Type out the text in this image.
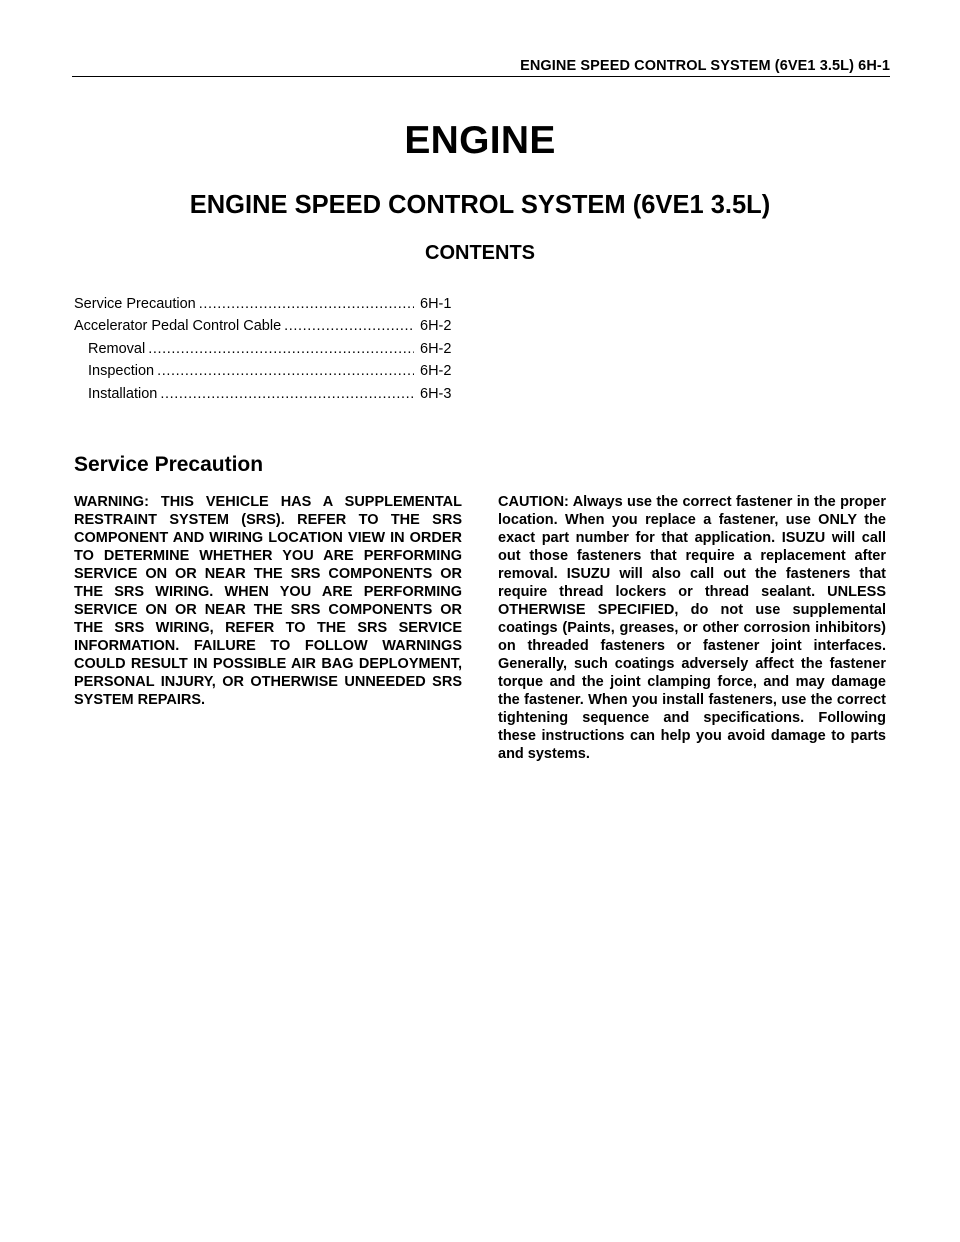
ENGINE SPEED CONTROL SYSTEM (6VE1 3.5L) 6H-1
ENGINE
ENGINE SPEED CONTROL SYSTEM (6VE1 3.5L)
CONTENTS
Service Precaution .....	6H-1
Accelerator Pedal Control Cable .....	6H-2
Removal .....	6H-2
Inspection .....	6H-2
Installation .....	6H-3
Service Precaution
WARNING: THIS VEHICLE HAS A SUPPLEMENTAL RESTRAINT SYSTEM (SRS). REFER TO THE SRS COMPONENT AND WIRING LOCATION VIEW IN ORDER TO DETERMINE WHETHER YOU ARE PERFORMING SERVICE ON OR NEAR THE SRS COMPONENTS OR THE SRS WIRING. WHEN YOU ARE PERFORMING SERVICE ON OR NEAR THE SRS COMPONENTS OR THE SRS WIRING, REFER TO THE SRS SERVICE INFORMATION. FAILURE TO FOLLOW WARNINGS COULD RESULT IN POSSIBLE AIR BAG DEPLOYMENT, PERSONAL INJURY, OR OTHERWISE UNNEEDED SRS SYSTEM REPAIRS.
CAUTION: Always use the correct fastener in the proper location. When you replace a fastener, use ONLY the exact part number for that application. ISUZU will call out those fasteners that require a replacement after removal. ISUZU will also call out the fasteners that require thread lockers or thread sealant. UNLESS OTHERWISE SPECIFIED, do not use supplemental coatings (Paints, greases, or other corrosion inhibitors) on threaded fasteners or fastener joint interfaces. Generally, such coatings adversely affect the fastener torque and the joint clamping force, and may damage the fastener. When you install fasteners, use the correct tightening sequence and specifications. Following these instructions can help you avoid damage to parts and systems.
